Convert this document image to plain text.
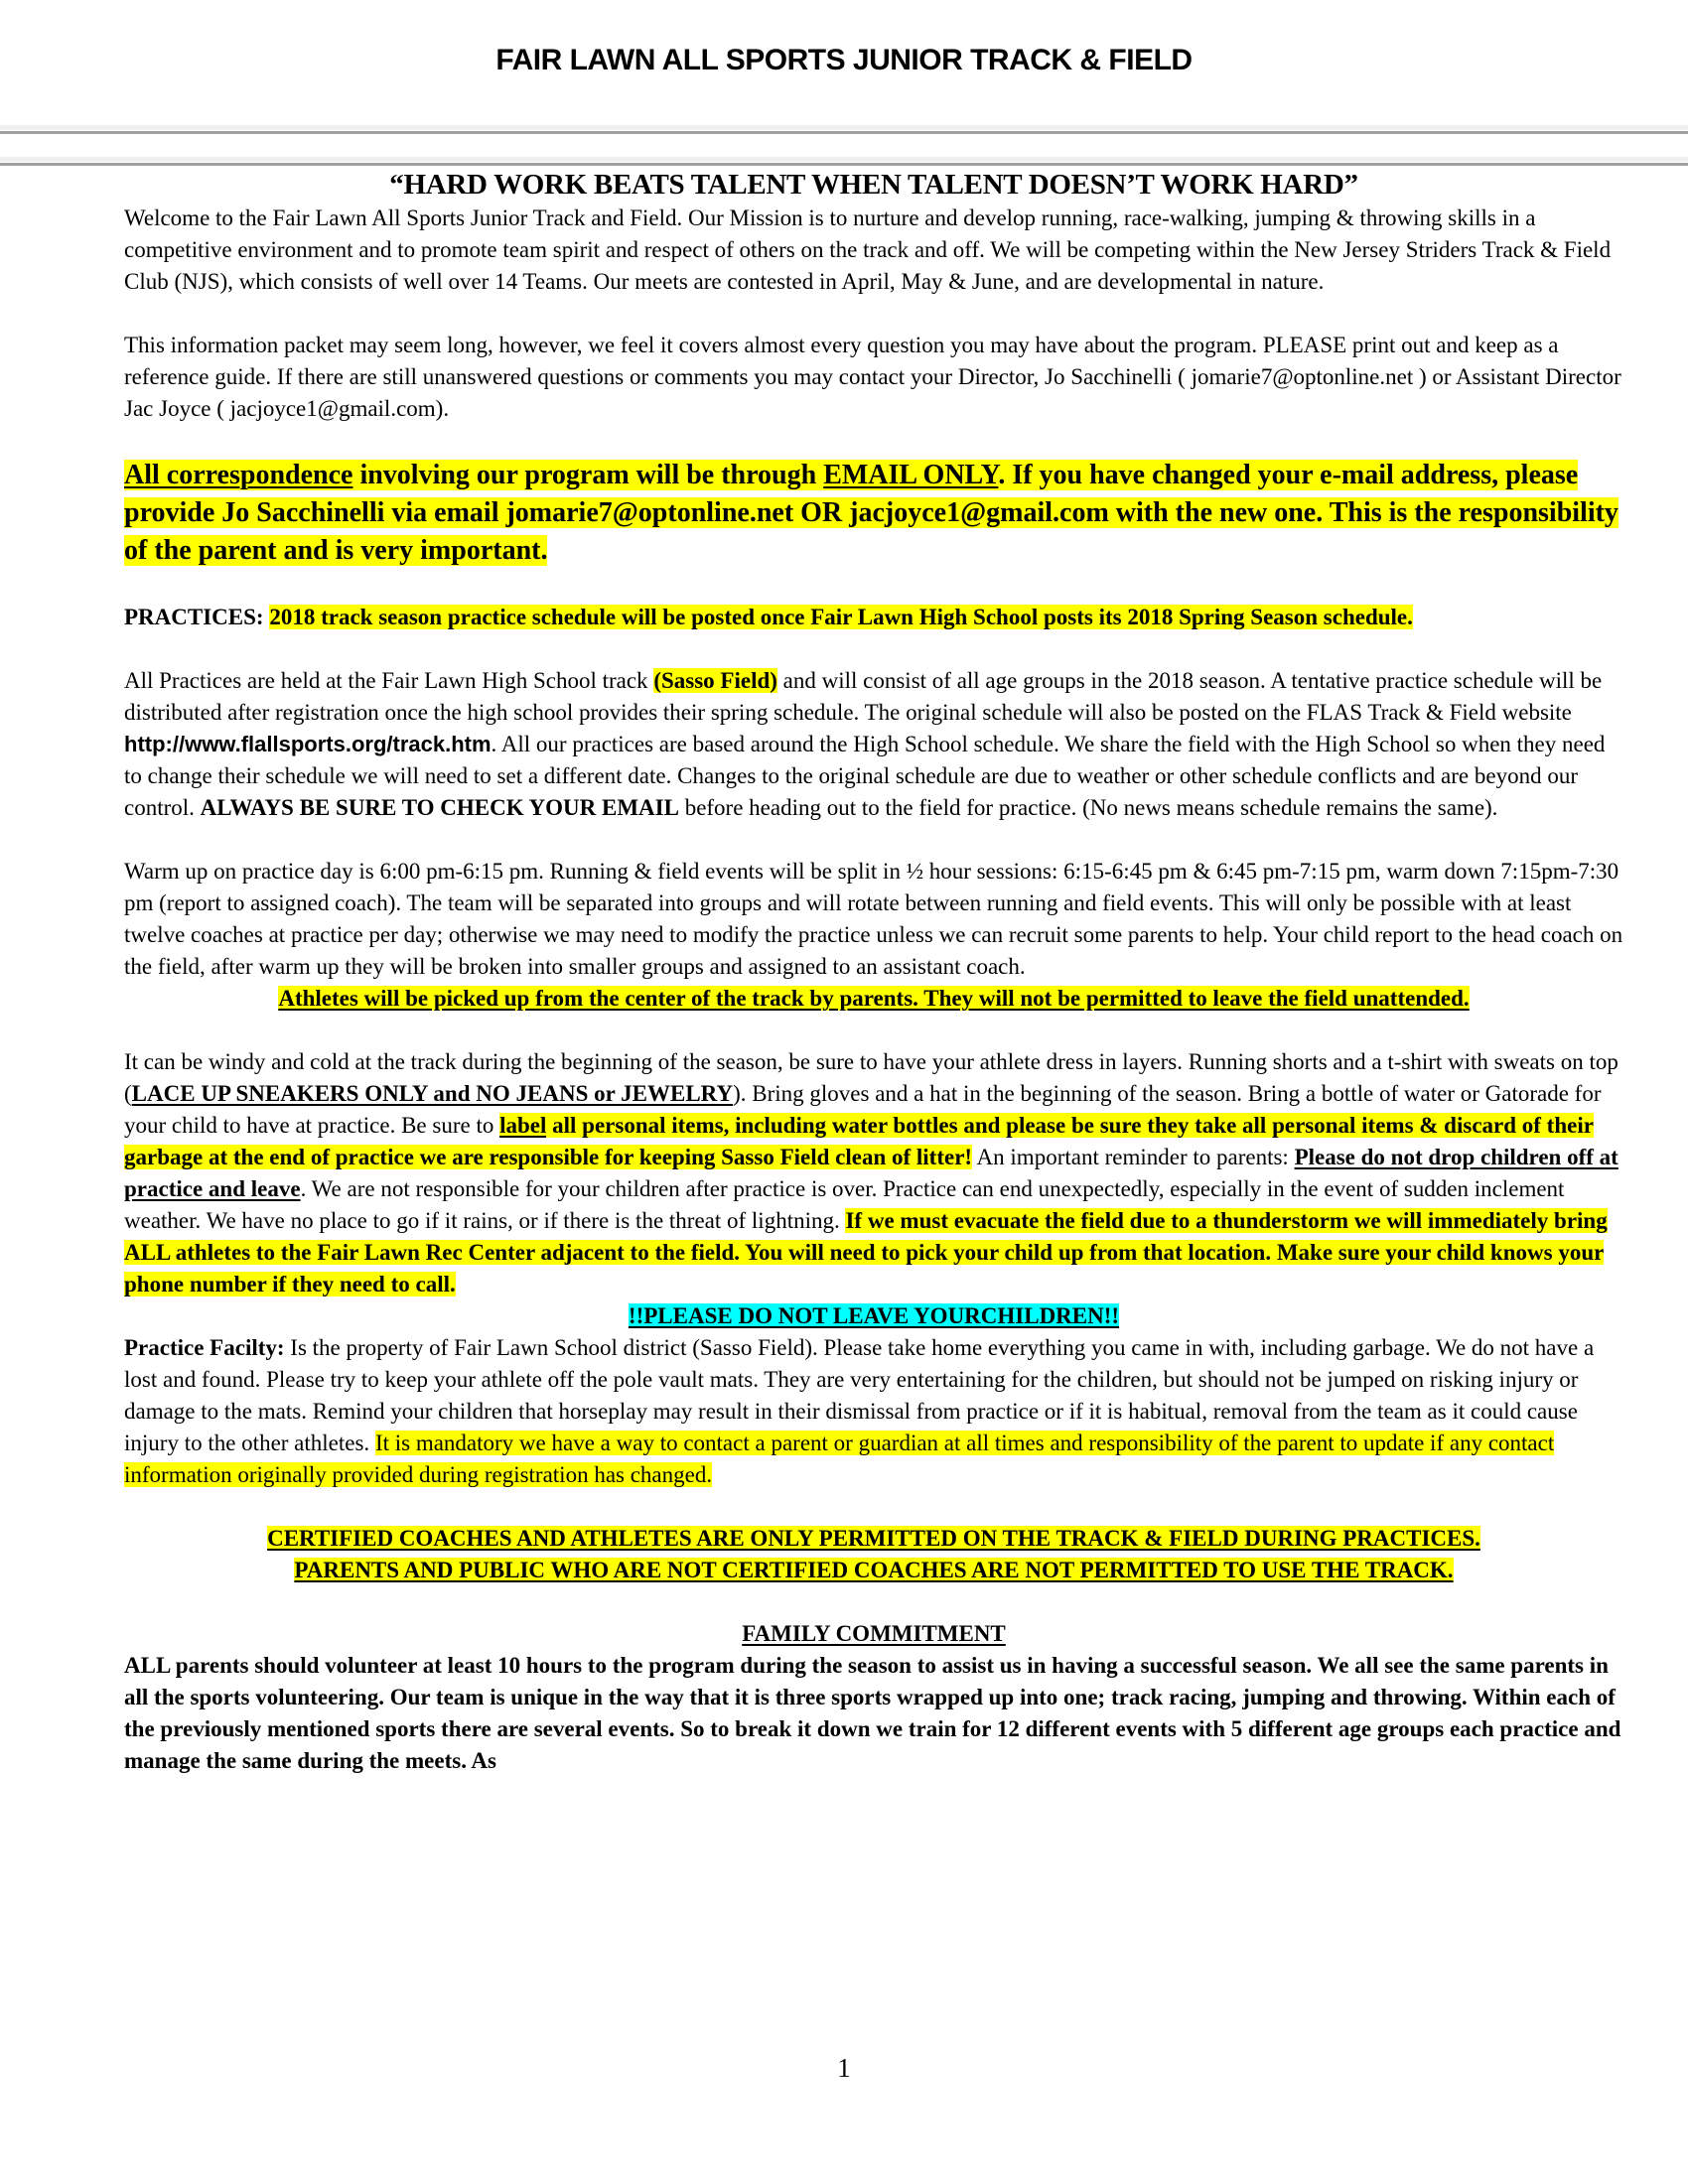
FAIR LAWN ALL SPORTS JUNIOR TRACK & FIELD

“HARD WORK BEATS TALENT WHEN TALENT DOESN’T WORK HARD”

Welcome to the Fair Lawn All Sports Junior Track and Field. Our Mission is to nurture and develop running, race-walking, jumping & throwing skills in a competitive environment and to promote team spirit and respect of others on the track and off. We will be competing within the New Jersey Striders Track & Field Club (NJS), which consists of well over 14 Teams. Our meets are contested in April, May & June, and are developmental in nature.

This information packet may seem long, however, we feel it covers almost every question you may have about the program. PLEASE print out and keep as a reference guide. If there are still unanswered questions or comments you may contact your Director, Jo Sacchinelli ( jomarie7@optonline.net ) or Assistant Director Jac Joyce ( jacjoyce1@gmail.com).

All correspondence involving our program will be through EMAIL ONLY. If you have changed your e-mail address, please provide Jo Sacchinelli via email jomarie7@optonline.net OR jacjoyce1@gmail.com with the new one. This is the responsibility of the parent and is very important.

PRACTICES: 2018 track season practice schedule will be posted once Fair Lawn High School posts its 2018 Spring Season schedule.

All Practices are held at the Fair Lawn High School track (Sasso Field) and will consist of all age groups in the 2018 season. A tentative practice schedule will be distributed after registration once the high school provides their spring schedule. The original schedule will also be posted on the FLAS Track & Field website http://www.flallsports.org/track.htm. All our practices are based around the High School schedule. We share the field with the High School so when they need to change their schedule we will need to set a different date. Changes to the original schedule are due to weather or other schedule conflicts and are beyond our control. ALWAYS BE SURE TO CHECK YOUR EMAIL before heading out to the field for practice. (No news means schedule remains the same).

Warm up on practice day is 6:00 pm-6:15 pm. Running & field events will be split in ½ hour sessions: 6:15-6:45 pm & 6:45 pm-7:15 pm, warm down 7:15pm-7:30 pm (report to assigned coach). The team will be separated into groups and will rotate between running and field events. This will only be possible with at least twelve coaches at practice per day; otherwise we may need to modify the practice unless we can recruit some parents to help. Your child report to the head coach on the field, after warm up they will be broken into smaller groups and assigned to an assistant coach.

Athletes will be picked up from the center of the track by parents. They will not be permitted to leave the field unattended.

It can be windy and cold at the track during the beginning of the season, be sure to have your athlete dress in layers. Running shorts and a t-shirt with sweats on top (LACE UP SNEAKERS ONLY and NO JEANS or JEWELRY). Bring gloves and a hat in the beginning of the season. Bring a bottle of water or Gatorade for your child to have at practice. Be sure to label all personal items, including water bottles and please be sure they take all personal items & discard of their garbage at the end of practice we are responsible for keeping Sasso Field clean of litter! An important reminder to parents: Please do not drop children off at practice and leave. We are not responsible for your children after practice is over. Practice can end unexpectedly, especially in the event of sudden inclement weather. We have no place to go if it rains, or if there is the threat of lightning. If we must evacuate the field due to a thunderstorm we will immediately bring ALL athletes to the Fair Lawn Rec Center adjacent to the field. You will need to pick your child up from that location. Make sure your child knows your phone number if they need to call.

!!PLEASE DO NOT LEAVE YOURCHILDREN!!

Practice Facilty: Is the property of Fair Lawn School district (Sasso Field). Please take home everything you came in with, including garbage. We do not have a lost and found. Please try to keep your athlete off the pole vault mats. They are very entertaining for the children, but should not be jumped on risking injury or damage to the mats. Remind your children that horseplay may result in their dismissal from practice or if it is habitual, removal from the team as it could cause injury to the other athletes. It is mandatory we have a way to contact a parent or guardian at all times and responsibility of the parent to update if any contact information originally provided during registration has changed.

CERTIFIED COACHES AND ATHLETES ARE ONLY PERMITTED ON THE TRACK & FIELD DURING PRACTICES.

PARENTS AND PUBLIC WHO ARE NOT CERTIFIED COACHES ARE NOT PERMITTED TO USE THE TRACK.

FAMILY COMMITMENT

ALL parents should volunteer at least 10 hours to the program during the season to assist us in having a successful season. We all see the same parents in all the sports volunteering. Our team is unique in the way that it is three sports wrapped up into one; track racing, jumping and throwing. Within each of the previously mentioned sports there are several events. So to break it down we train for 12 different events with 5 different age groups each practice and manage the same during the meets. As

1
